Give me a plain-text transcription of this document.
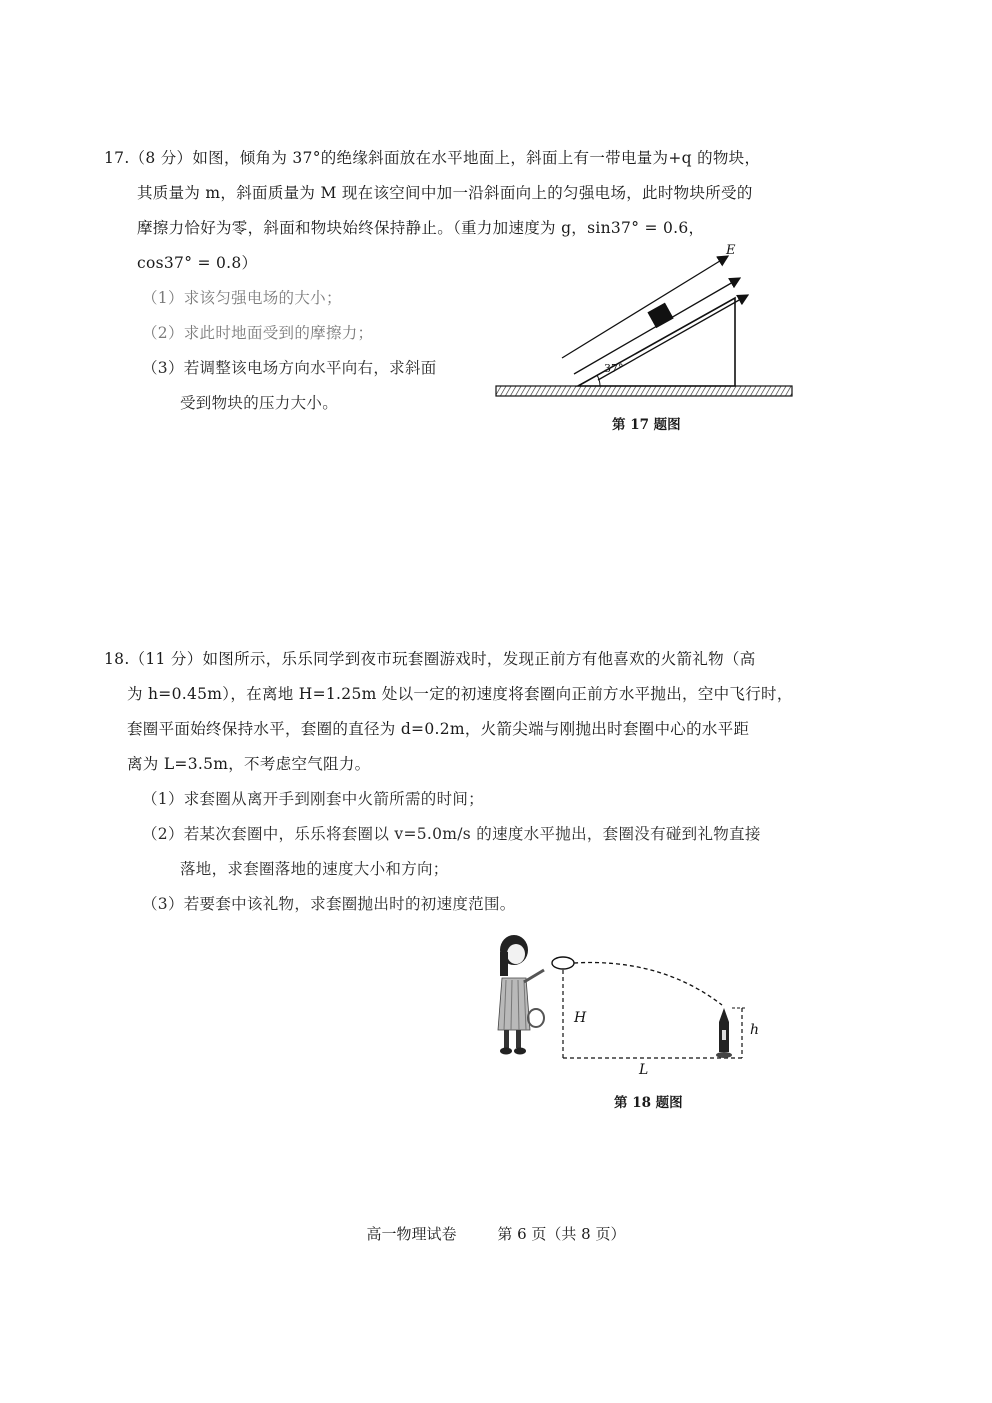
17.（8 分）如图，倾角为 37°的绝缘斜面放在水平地面上，斜面上有一带电量为+q 的物块，
其质量为 m，斜面质量为 M 现在该空间中加一沿斜面向上的匀强电场，此时物块所受的
摩擦力恰好为零，斜面和物块始终保持静止。（重力加速度为 g，sin37° = 0.6，
cos37° = 0.8）
（1）求该匀强电场的大小；
（2）求此时地面受到的摩擦力；
（3）若调整该电场方向水平向右，求斜面
受到物块的压力大小。
37°
E
第 17 题图
18.（11 分）如图所示，乐乐同学到夜市玩套圈游戏时，发现正前方有他喜欢的火箭礼物（高
为 h=0.45m），在离地 H=1.25m 处以一定的初速度将套圈向正前方水平抛出，空中飞行时，
套圈平面始终保持水平，套圈的直径为 d=0.2m，火箭尖端与刚抛出时套圈中心的水平距
离为 L=3.5m，不考虑空气阻力。
（1）求套圈从离开手到刚套中火箭所需的时间；
（2）若某次套圈中，乐乐将套圈以 v=5.0m/s 的速度水平抛出，套圈没有碰到礼物直接
落地，求套圈落地的速度大小和方向；
（3）若要套中该礼物，求套圈抛出时的初速度范围。
H
h
L
第 18 题图
高一物理试卷	第 6 页（共 8 页）
